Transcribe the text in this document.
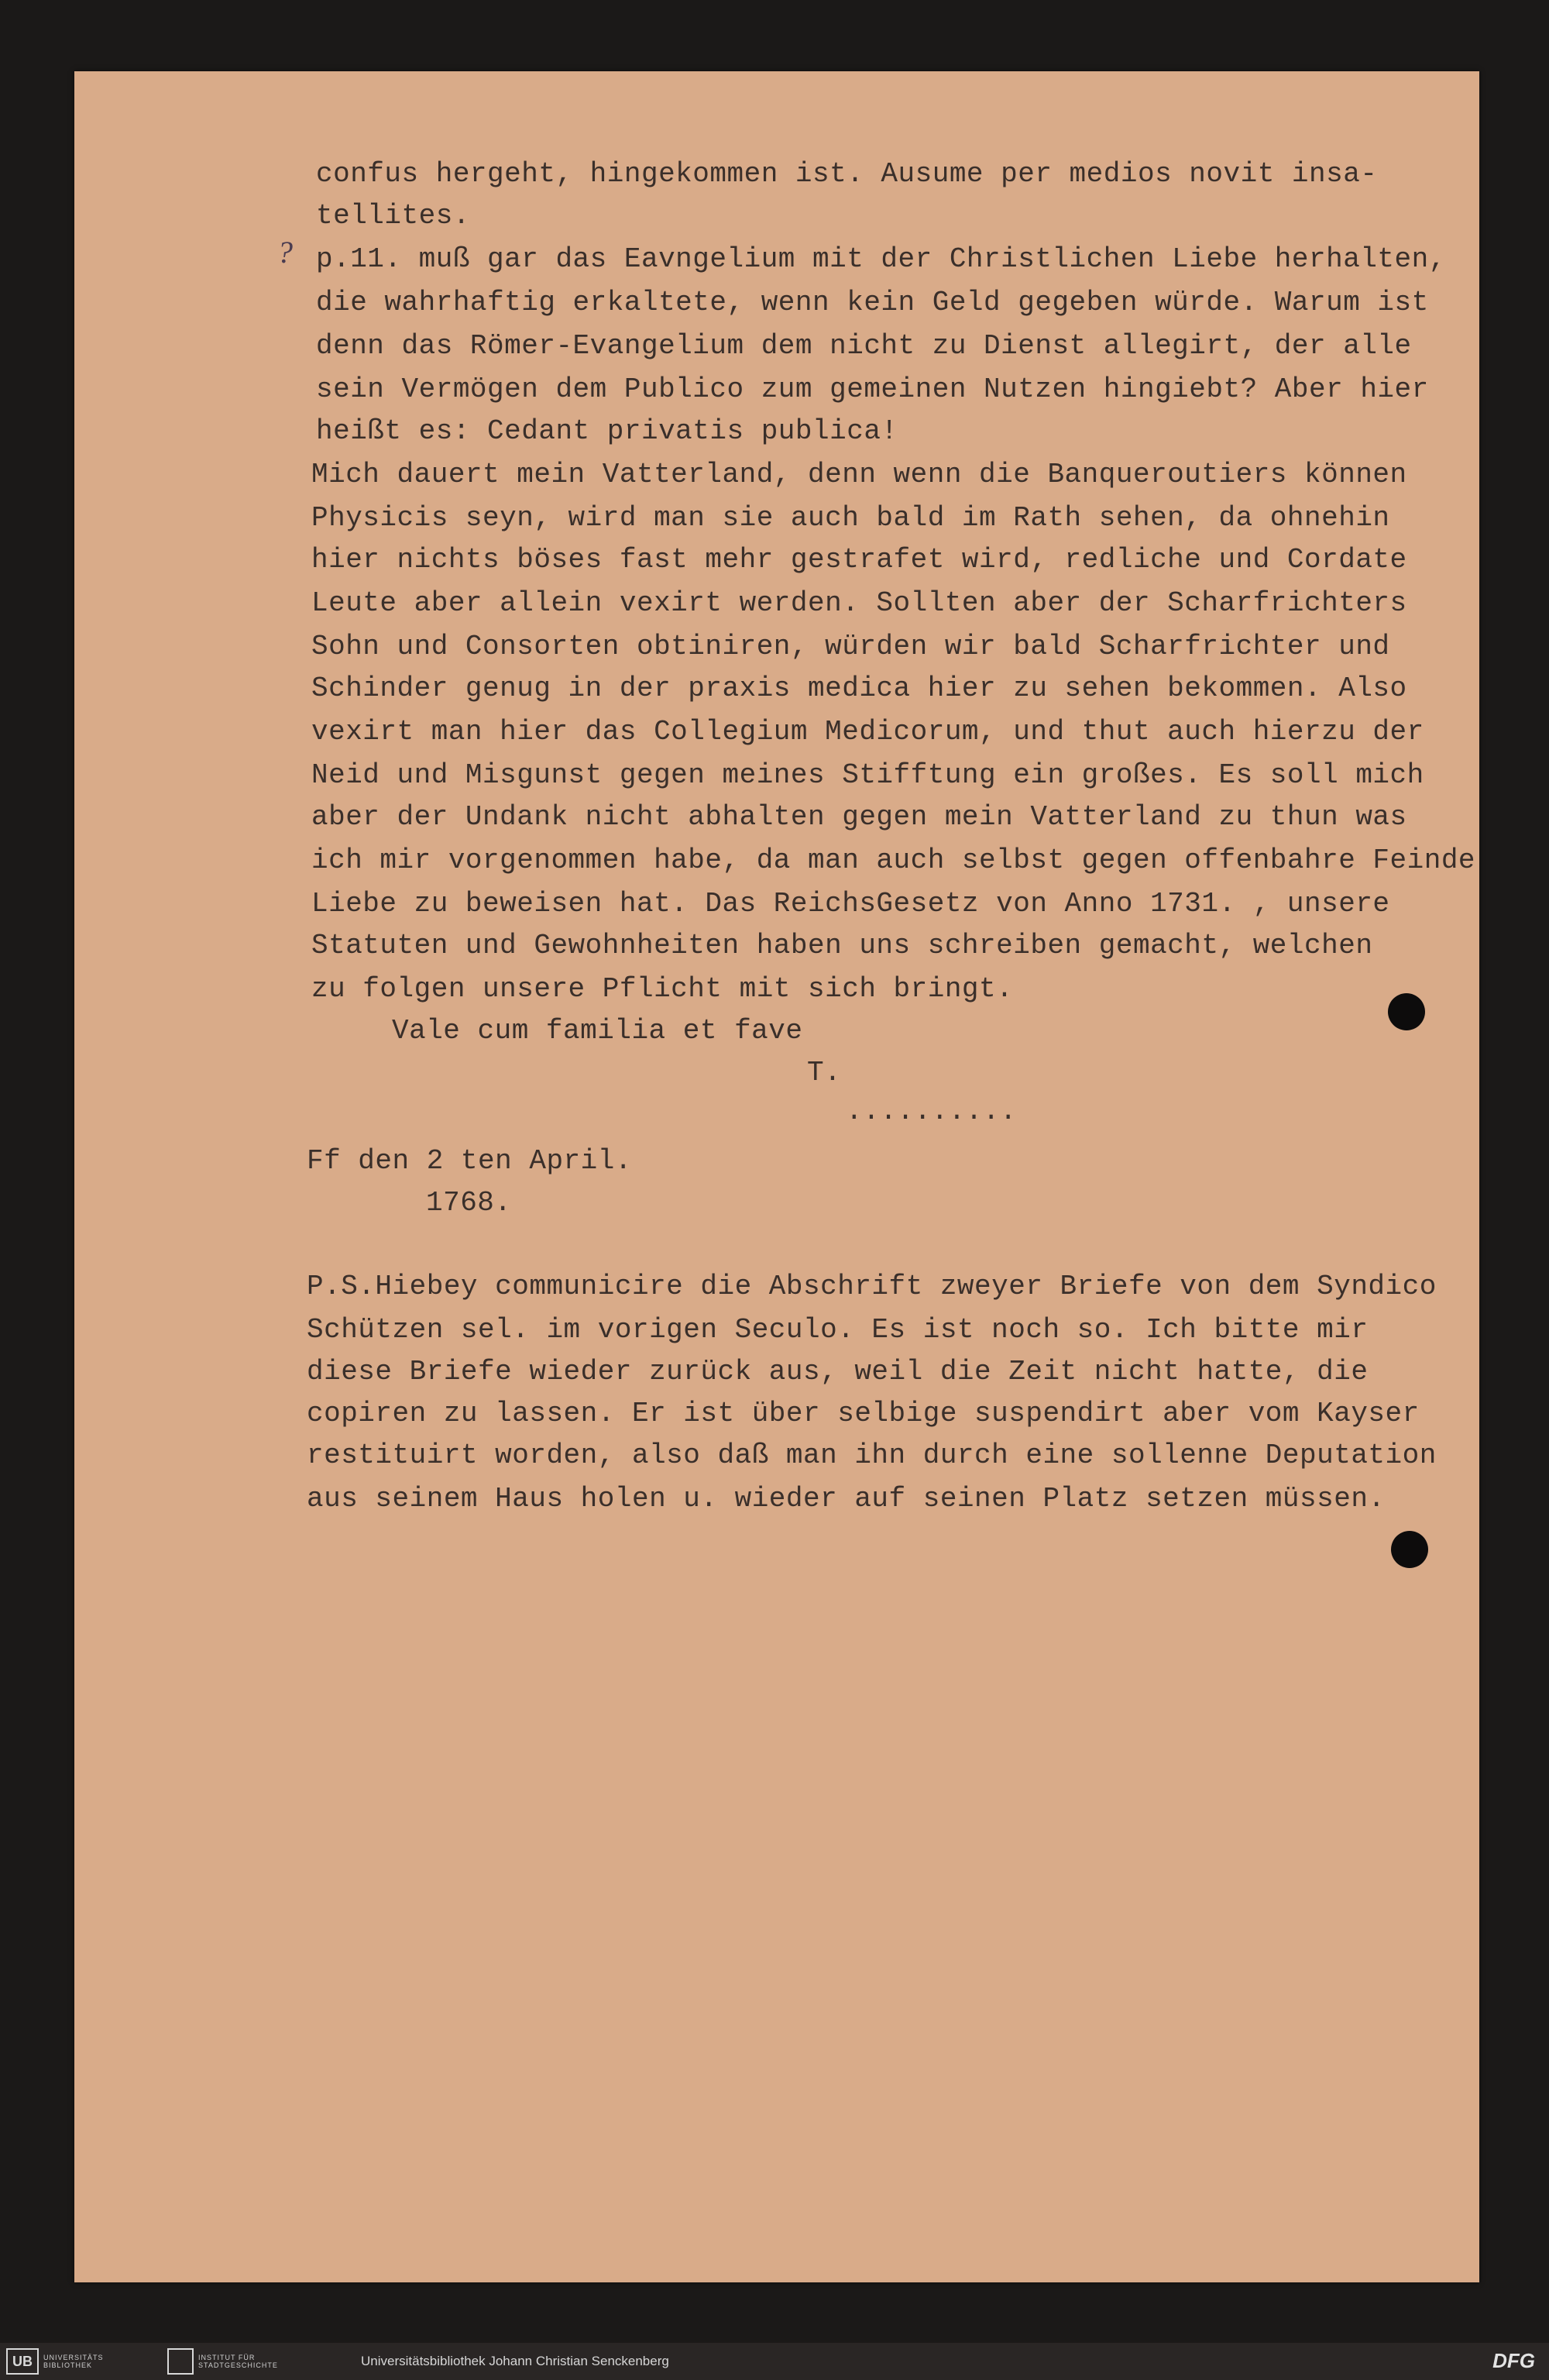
?
confus hergeht, hingekommen ist. Ausume per medios novit insa-
tellites.
p.11. muß gar das Eavngelium mit der Christlichen Liebe herhalten,
die wahrhaftig erkaltete, wenn kein Geld gegeben würde. Warum ist
denn das Römer-Evangelium dem nicht zu Dienst allegirt, der alle
sein Vermögen dem Publico zum gemeinen Nutzen hingiebt? Aber hier
heißt es: Cedant privatis publica!
Mich dauert mein Vatterland, denn wenn die Banqueroutiers können
Physicis seyn, wird man sie auch bald im Rath sehen, da ohnehin
hier nichts böses fast mehr gestrafet wird, redliche und Cordate
Leute aber allein vexirt werden. Sollten aber der Scharfrichters
Sohn und Consorten obtiniren, würden wir bald Scharfrichter und
Schinder genug in der praxis medica hier zu sehen bekommen. Also
vexirt man hier das Collegium Medicorum, und thut auch hierzu der
Neid und Misgunst gegen meines Stifftung ein großes. Es soll mich
aber der Undank nicht abhalten gegen mein Vatterland zu thun was
ich mir vorgenommen habe, da man auch selbst gegen offenbahre Feinde
Liebe zu beweisen hat. Das ReichsGesetz von Anno 1731. , unsere
Statuten und Gewohnheiten haben uns schreiben gemacht, welchen
zu folgen unsere Pflicht mit sich bringt.
Vale cum familia et fave
T.
..........
Ff den 2 ten April.
1768.
P.S.Hiebey communicire die Abschrift zweyer Briefe von dem Syndico
Schützen sel. im vorigen Seculo. Es ist noch so. Ich bitte mir
diese Briefe wieder zurück aus, weil die Zeit nicht hatte, die
copiren zu lassen. Er ist über selbige suspendirt aber vom Kayser
restituirt worden, also daß man ihn durch eine sollenne Deputation
aus seinem Haus holen u. wieder auf seinen Platz setzen müssen.
UB	UNIVERSITÄTS BIBLIOTHEK
INSTITUT FÜR STADTGESCHICHTE	Universitätsbibliothek Johann Christian Senckenberg	DFG
